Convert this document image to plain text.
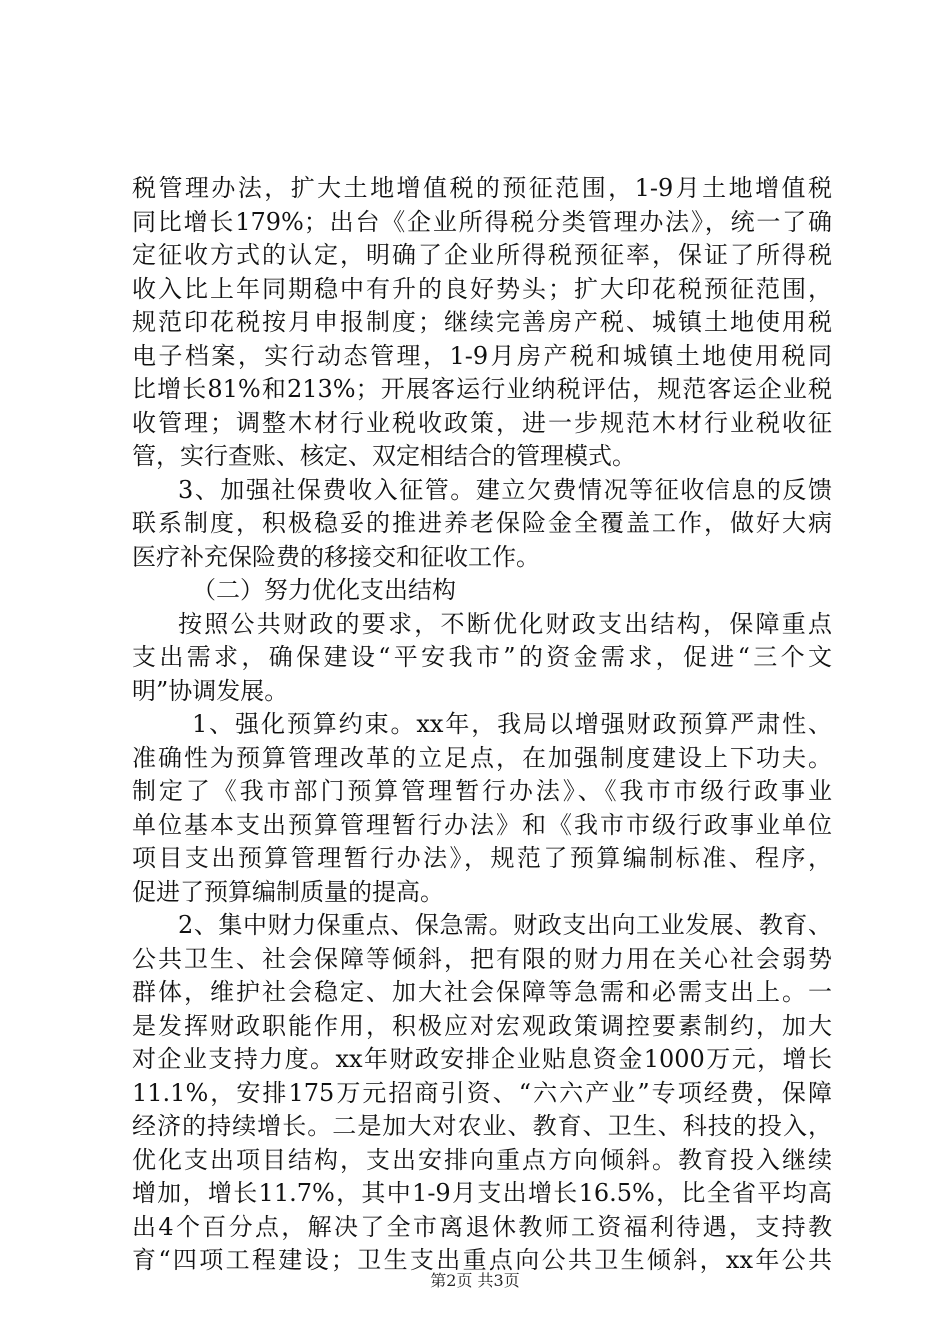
税管理办法，扩大土地增值税的预征范围，1-9月土地增值税
同比增长179%；出台《企业所得税分类管理办法》，统一了确
定征收方式的认定，明确了企业所得税预征率，保证了所得税
收入比上年同期稳中有升的良好势头；扩大印花税预征范围，
规范印花税按月申报制度；继续完善房产税、城镇土地使用税
电子档案，实行动态管理，1-9月房产税和城镇土地使用税同
比增长81%和213%；开展客运行业纳税评估，规范客运企业税
收管理；调整木材行业税收政策，进一步规范木材行业税收征
管，实行查账、核定、双定相结合的管理模式。
3、加强社保费收入征管。建立欠费情况等征收信息的反馈
联系制度，积极稳妥的推进养老保险金全覆盖工作，做好大病
医疗补充保险费的移接交和征收工作。
（二）努力优化支出结构
按照公共财政的要求，不断优化财政支出结构，保障重点
支出需求，确保建设“平安我市”的资金需求，促进“三个文
明”协调发展。
1、强化预算约束。xx年，我局以增强财政预算严肃性、
准确性为预算管理改革的立足点，在加强制度建设上下功夫。
制定了《我市部门预算管理暂行办法》、《我市市级行政事业
单位基本支出预算管理暂行办法》和《我市市级行政事业单位
项目支出预算管理暂行办法》，规范了预算编制标准、程序，
促进了预算编制质量的提高。
2、集中财力保重点、保急需。财政支出向工业发展、教育、
公共卫生、社会保障等倾斜，把有限的财力用在关心社会弱势
群体，维护社会稳定、加大社会保障等急需和必需支出上。一
是发挥财政职能作用，积极应对宏观政策调控要素制约，加大
对企业支持力度。xx年财政安排企业贴息资金1000万元，增长
11.1%，安排175万元招商引资、“六六产业”专项经费，保障
经济的持续增长。二是加大对农业、教育、卫生、科技的投入，
优化支出项目结构，支出安排向重点方向倾斜。教育投入继续
增加，增长11.7%，其中1-9月支出增长16.5%，比全省平均高
出4个百分点，解决了全市离退休教师工资福利待遇，支持教
育“四项工程建设；卫生支出重点向公共卫生倾斜，xx年公共
第2页 共3页
